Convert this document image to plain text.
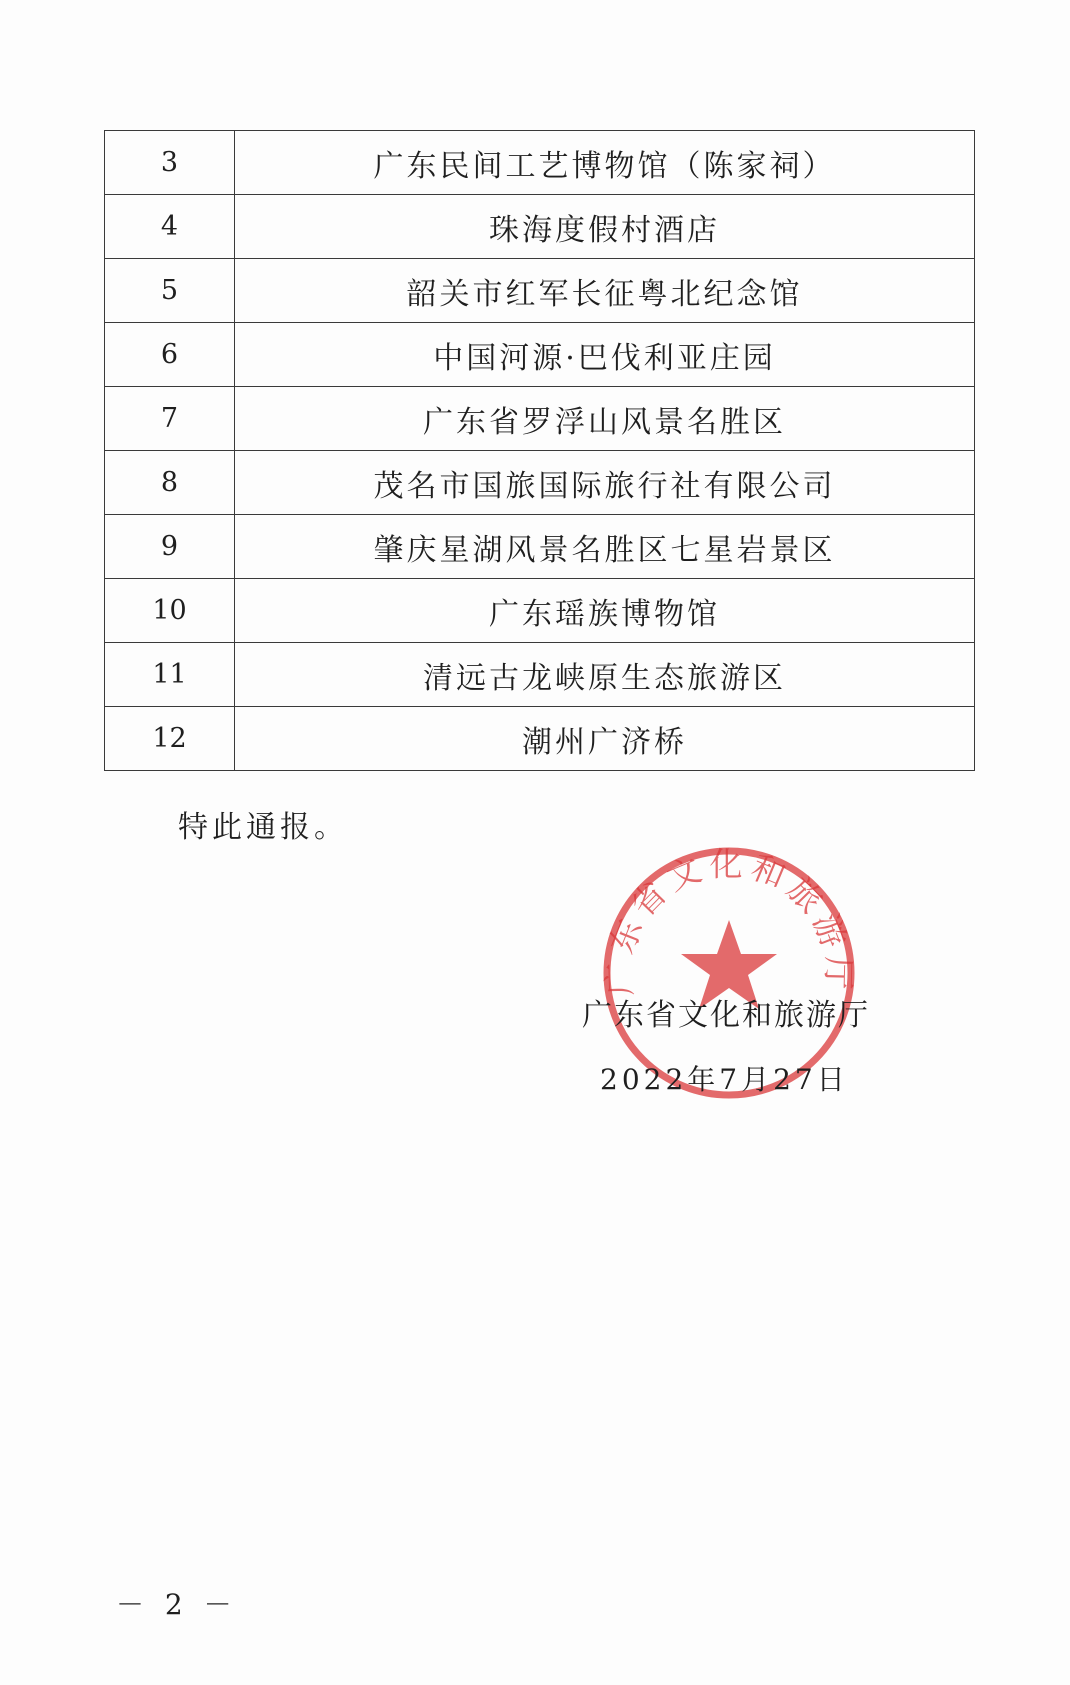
3	广东民间工艺博物馆（陈家祠）
4	珠海度假村酒店
5	韶关市红军长征粤北纪念馆
6	中国河源·巴伐利亚庄园
7	广东省罗浮山风景名胜区
8	茂名市国旅国际旅行社有限公司
9	肇庆星湖风景名胜区七星岩景区
10	广东瑶族博物馆
11	清远古龙峡原生态旅游区
12	潮州广济桥
特此通报。
广东省文化和旅游厅
广东省文化和旅游厅
2022年7月27日
－ 2 －
